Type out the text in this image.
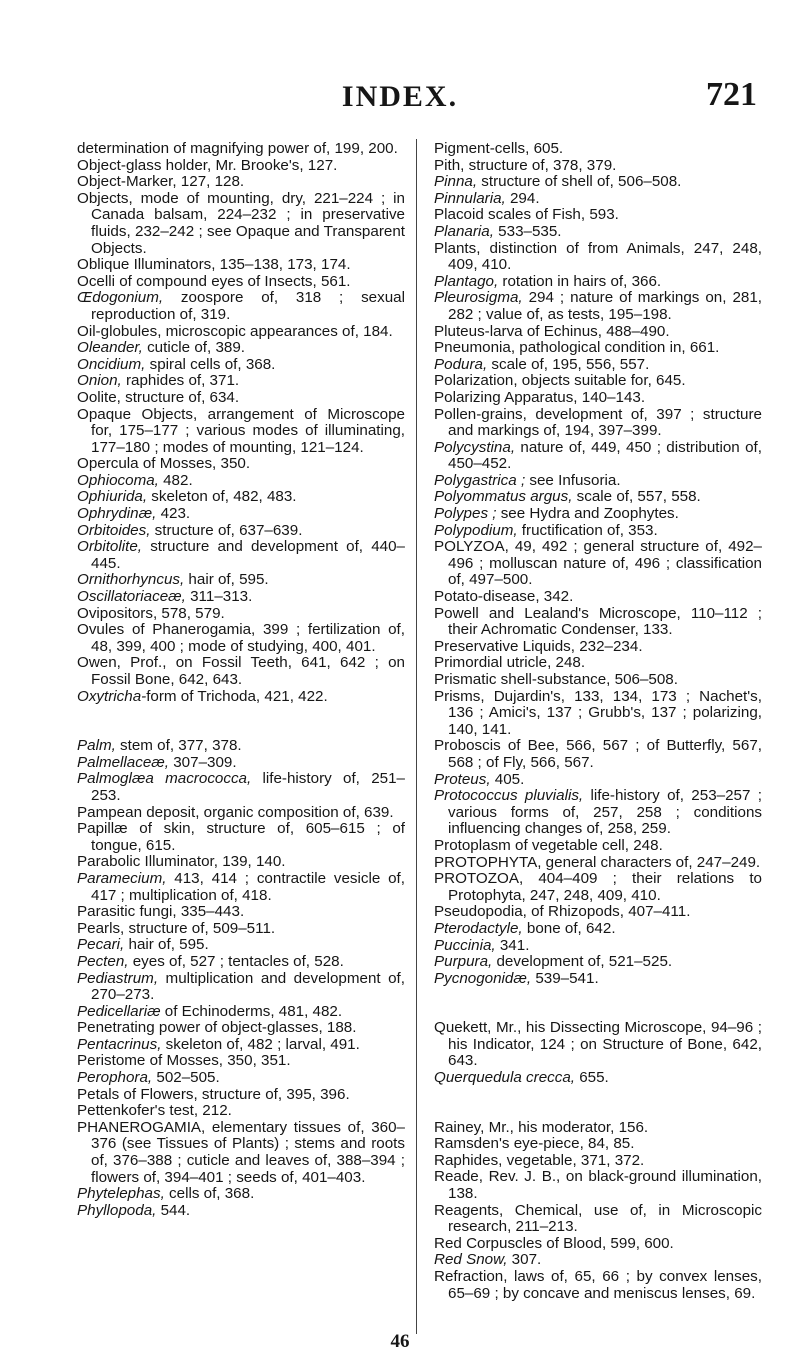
INDEX.	721

determination of magnifying power of, 199, 200.

Object-glass holder, Mr. Brooke's, 127.

Object-Marker, 127, 128.

Objects, mode of mounting, dry, 221–224 ; in Canada balsam, 224–232 ; in preservative fluids, 232–242 ; see Opaque and Transparent Objects.

Oblique Illuminators, 135–138, 173, 174.

Ocelli of compound eyes of Insects, 561.

Œdogonium, zoospore of, 318 ; sexual reproduction of, 319.

Oil-globules, microscopic appearances of, 184.

Oleander, cuticle of, 389.

Oncidium, spiral cells of, 368.

Onion, raphides of, 371.

Oolite, structure of, 634.

Opaque Objects, arrangement of Microscope for, 175–177 ; various modes of illuminating, 177–180 ; modes of mounting, 121–124.

Opercula of Mosses, 350.

Ophiocoma, 482.

Ophiurida, skeleton of, 482, 483.

Ophrydinæ, 423.

Orbitoides, structure of, 637–639.

Orbitolite, structure and development of, 440–445.

Ornithorhyncus, hair of, 595.

Oscillatoriaceæ, 311–313.

Ovipositors, 578, 579.

Ovules of Phanerogamia, 399 ; fertilization of, 48, 399, 400 ; mode of studying, 400, 401.

Owen, Prof., on Fossil Teeth, 641, 642 ; on Fossil Bone, 642, 643.

Oxytricha-form of Trichoda, 421, 422.

Palm, stem of, 377, 378.

Palmellaceæ, 307–309.

Palmoglæa macrococca, life-history of, 251–253.

Pampean deposit, organic composition of, 639.

Papillæ of skin, structure of, 605–615 ; of tongue, 615.

Parabolic Illuminator, 139, 140.

Paramecium, 413, 414 ; contractile vesicle of, 417 ; multiplication of, 418.

Parasitic fungi, 335–443.

Pearls, structure of, 509–511.

Pecari, hair of, 595.

Pecten, eyes of, 527 ; tentacles of, 528.

Pediastrum, multiplication and development of, 270–273.

Pedicellariæ of Echinoderms, 481, 482.

Penetrating power of object-glasses, 188.

Pentacrinus, skeleton of, 482 ; larval, 491.

Peristome of Mosses, 350, 351.

Perophora, 502–505.

Petals of Flowers, structure of, 395, 396.

Pettenkofer's test, 212.

PHANEROGAMIA, elementary tissues of, 360–376 (see Tissues of Plants) ; stems and roots of, 376–388 ; cuticle and leaves of, 388–394 ; flowers of, 394–401 ; seeds of, 401–403.

Phytelephas, cells of, 368.

Phyllopoda, 544.

Pigment-cells, 605.

Pith, structure of, 378, 379.

Pinna, structure of shell of, 506–508.

Pinnularia, 294.

Placoid scales of Fish, 593.

Planaria, 533–535.

Plants, distinction of from Animals, 247, 248, 409, 410.

Plantago, rotation in hairs of, 366.

Pleurosigma, 294 ; nature of markings on, 281, 282 ; value of, as tests, 195–198.

Pluteus-larva of Echinus, 488–490.

Pneumonia, pathological condition in, 661.

Podura, scale of, 195, 556, 557.

Polarization, objects suitable for, 645.

Polarizing Apparatus, 140–143.

Pollen-grains, development of, 397 ; structure and markings of, 194, 397–399.

Polycystina, nature of, 449, 450 ; distribution of, 450–452.

Polygastrica ; see Infusoria.

Polyommatus argus, scale of, 557, 558.

Polypes ; see Hydra and Zoophytes.

Polypodium, fructification of, 353.

POLYZOA, 49, 492 ; general structure of, 492–496 ; molluscan nature of, 496 ; classification of, 497–500.

Potato-disease, 342.

Powell and Lealand's Microscope, 110–112 ; their Achromatic Condenser, 133.

Preservative Liquids, 232–234.

Primordial utricle, 248.

Prismatic shell-substance, 506–508.

Prisms, Dujardin's, 133, 134, 173 ; Nachet's, 136 ; Amici's, 137 ; Grubb's, 137 ; polarizing, 140, 141.

Proboscis of Bee, 566, 567 ; of Butterfly, 567, 568 ; of Fly, 566, 567.

Proteus, 405.

Protococcus pluvialis, life-history of, 253–257 ; various forms of, 257, 258 ; conditions influencing changes of, 258, 259.

Protoplasm of vegetable cell, 248.

PROTOPHYTA, general characters of, 247–249.

PROTOZOA, 404–409 ; their relations to Protophyta, 247, 248, 409, 410.

Pseudopodia, of Rhizopods, 407–411.

Pterodactyle, bone of, 642.

Puccinia, 341.

Purpura, development of, 521–525.

Pycnogonidæ, 539–541.

Quekett, Mr., his Dissecting Microscope, 94–96 ; his Indicator, 124 ; on Structure of Bone, 642, 643.

Querquedula crecca, 655.

Rainey, Mr., his moderator, 156.

Ramsden's eye-piece, 84, 85.

Raphides, vegetable, 371, 372.

Reade, Rev. J. B., on black-ground illumination, 138.

Reagents, Chemical, use of, in Microscopic research, 211–213.

Red Corpuscles of Blood, 599, 600.

Red Snow, 307.

Refraction, laws of, 65, 66 ; by convex lenses, 65–69 ; by concave and meniscus lenses, 69.

46
